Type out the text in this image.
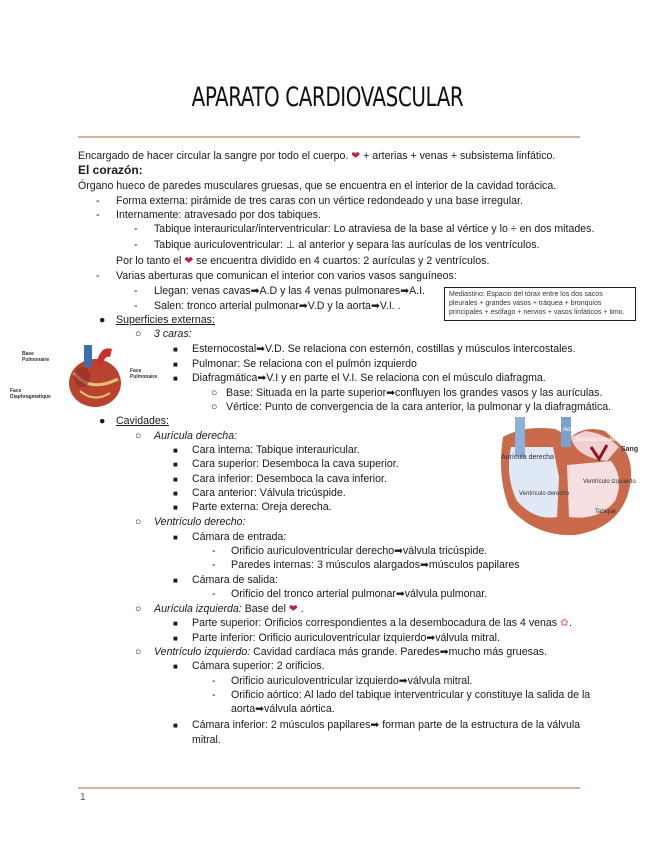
APARATO CARDIOVASCULAR
Encargado de hacer circular la sangre por todo el cuerpo. ❤ + arterias + venas + subsistema linfático.
El corazón:
Órgano hueco de paredes musculares gruesas, que se encuentra en el interior de la cavidad torácica.
- Forma externa: pirámide de tres caras con un vértice redondeado y una base irregular.
- Internamente: atravesado por dos tabiques.
- Tabique interauricular/interventricular: Lo atraviesa de la base al vértice y lo ÷ en dos mitades.
- Tabique auriculoventricular: ⊥ al anterior y separa las aurículas de los ventrículos.
Por lo tanto el ❤ se encuentra dividido en 4 cuartos: 2 aurículas y 2 ventrículos.
- Varias aberturas que comunican el interior con varios vasos sanguíneos:
- Llegan: venas cavas➡A.D y las 4 venas pulmonares➡A.I.
- Salen: tronco arterial pulmonar➡V.D y la aorta➡V.I. .
Mediastino: Espacio del tórax entre los dos sacos pleurales + grandes vasos + tráquea + bronquios principales + esófago + nervios + vasos linfáticos + timo.
● Superficies externas:
○ 3 caras:
■ Esternocostal➡V.D. Se relaciona con esternón, costillas y músculos intercostales.
■ Pulmonar: Se relaciona con el pulmón izquierdo
■ Diafragmática➡V.I y en parte el V.I. Se relaciona con el músculo diafragma.
○ Base: Situada en la parte superior➡confluyen los grandes vasos y las aurículas.
○ Vértice: Punto de convergencia de la cara anterior, la pulmonar y la diafragmática.
● Cavidades:
○ Aurícula derecha:
■ Cara interna: Tabique interauricular.
■ Cara superior: Desemboca la cava superior.
■ Cara inferior: Desemboca la cava inferior.
■ Cara anterior: Válvula tricúspide.
■ Parte externa: Oreja derecha.
○ Ventrículo derecho:
■ Cámara de entrada:
- Orificio auriculoventricular derecho➡válvula tricúspide.
- Paredes internas: 3 músculos alargados➡músculos papilares
■ Cámara de salida:
- Orificio del tronco arterial pulmonar➡válvula pulmonar.
○ Aurícula izquierda: Base del ❤ .
■ Parte superior: Orificios correspondientes a la desembocadura de las 4 venas ✿.
■ Parte inferior: Orificio auriculoventricular izquierdo➡válvula mitral.
○ Ventrículo izquierdo: Cavidad cardíaca más grande. Paredes➡mucho más gruesas.
■ Cámara superior: 2 orificios.
- Orificio auriculoventricular izquierdo➡válvula mitral.
- Orificio aórtico: Al lado del tabique interventricular y constituye la salida de la
aorta➡válvula aórtica.
■ Cámara inferior: 2 músculos papilares➡ forman parte de la estructura de la válvula
mitral.
Base
Pulmonaire
Face
Diaphragmatique
Face
Pulmonaire
Aurícula derecha
Aurícula izquierda
Sang
Ventrículo derecho
Ventrículo izquierdo
Aorta
Tabique
1
